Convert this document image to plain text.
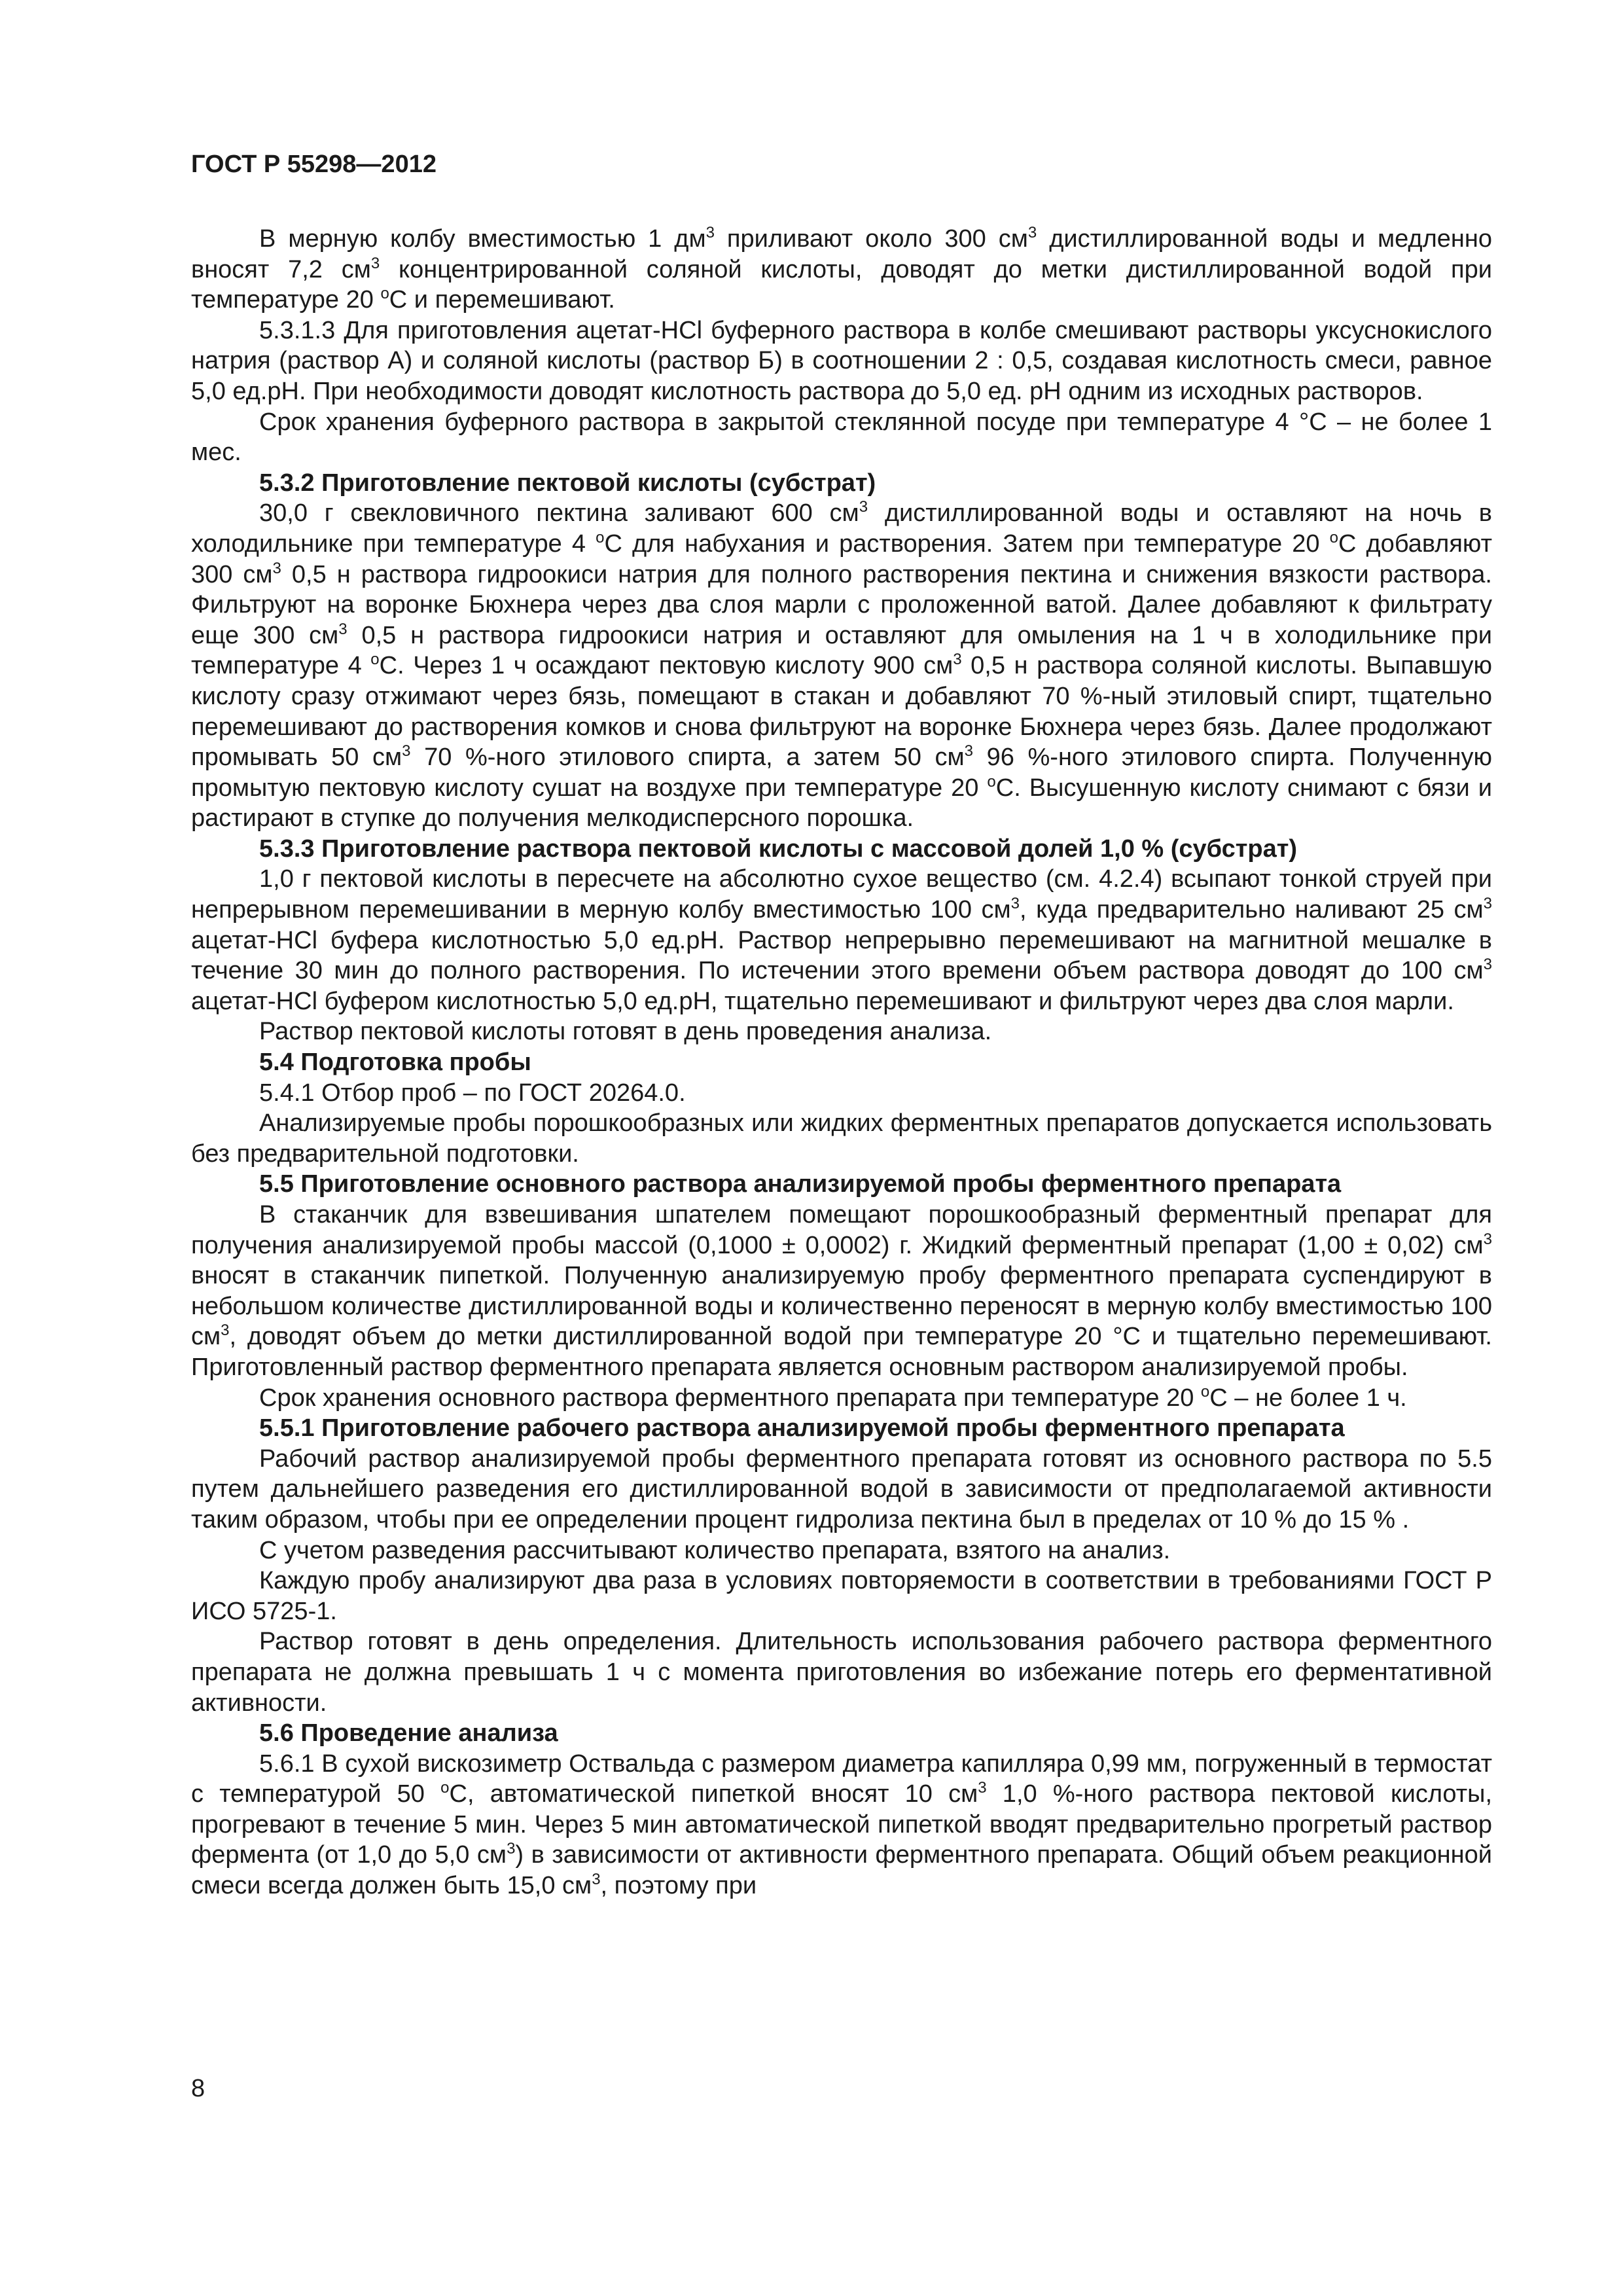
ГОСТ Р 55298—2012

В мерную колбу вместимостью 1 $дм^3$ приливают около 300 $см^3$ дистиллированной воды и медленно вносят 7,2 $см^3$ концентрированной соляной кислоты, доводят до метки дистиллированной водой при температуре 20 $^о$С и перемешивают.

5.3.1.3 Для приготовления ацетат-HCl буферного раствора в колбе смешивают растворы уксуснокислого натрия (раствор А) и соляной кислоты (раствор Б) в соотношении 2 : 0,5, создавая кислотность смеси, равное 5,0 ед.рН. При необходимости доводят кислотность раствора до 5,0 ед. рН одним из исходных растворов.

Срок хранения буферного раствора в закрытой стеклянной посуде при температуре 4 °С – не более 1 мес.

5.3.2 Приготовление пектовой кислоты (субстрат)

30,0 г свекловичного пектина заливают 600 $см^3$ дистиллированной воды и оставляют на ночь в холодильнике при температуре 4 $^о$С для набухания и растворения. Затем при температуре 20 $^о$С добавляют 300 $см^3$ 0,5 н раствора гидроокиси натрия для полного растворения пектина и снижения вязкости раствора. Фильтруют на воронке Бюхнера через два слоя марли с проложенной ватой. Далее добавляют к фильтрату еще 300 $см^3$ 0,5 н раствора гидроокиси натрия и оставляют для омыления на 1 ч в холодильнике при температуре 4 $^о$С. Через 1 ч осаждают пектовую кислоту 900 $см^3$ 0,5 н раствора соляной кислоты. Выпавшую кислоту сразу отжимают через бязь, помещают в стакан и добавляют 70 %-ный этиловый спирт, тщательно перемешивают до растворения комков и снова фильтруют на воронке Бюхнера через бязь. Далее продолжают промывать 50 $см^3$ 70 %-ного этилового спирта, а затем 50 $см^3$ 96 %-ного этилового спирта. Полученную промытую пектовую кислоту сушат на воздухе при температуре 20 $^о$С. Высушенную кислоту снимают с бязи и растирают в ступке до получения мелкодисперсного порошка.

5.3.3 Приготовление раствора пектовой кислоты с массовой долей 1,0 % (субстрат)

1,0 г пектовой кислоты в пересчете на абсолютно сухое вещество (см. 4.2.4) всыпают тонкой струей при непрерывном перемешивании в мерную колбу вместимостью 100 $см^3$, куда предварительно наливают 25 $см^3$ ацетат-HCl буфера кислотностью 5,0 ед.рН. Раствор непрерывно перемешивают на магнитной мешалке в течение 30 мин до полного растворения. По истечении этого времени объем раствора доводят до 100 $см^3$ ацетат-HCl буфером кислотностью 5,0 ед.рН, тщательно перемешивают и фильтруют через два слоя марли.

Раствор пектовой кислоты готовят в день проведения анализа.

5.4 Подготовка пробы

5.4.1 Отбор проб – по ГОСТ 20264.0.

Анализируемые пробы порошкообразных или жидких ферментных препаратов допускается использовать без предварительной подготовки.

5.5 Приготовление основного раствора анализируемой пробы ферментного препарата

В стаканчик для взвешивания шпателем помещают порошкообразный ферментный препарат для получения анализируемой пробы массой (0,1000 ± 0,0002) г. Жидкий ферментный препарат (1,00 ± 0,02) $см^3$ вносят в стаканчик пипеткой. Полученную анализируемую пробу ферментного препарата суспендируют в небольшом количестве дистиллированной воды и количественно переносят в мерную колбу вместимостью 100 $см^3$, доводят объем до метки дистиллированной водой при температуре 20 °С и тщательно перемешивают. Приготовленный раствор ферментного препарата является основным раствором анализируемой пробы.

Срок хранения основного раствора ферментного препарата при температуре 20 $^о$С – не более 1 ч.

5.5.1 Приготовление рабочего раствора анализируемой пробы ферментного препарата

Рабочий раствор анализируемой пробы ферментного препарата готовят из основного раствора по 5.5 путем дальнейшего разведения его дистиллированной водой в зависимости от предполагаемой активности таким образом, чтобы при ее определении процент гидролиза пектина был в пределах от 10 % до 15 % .

С учетом разведения рассчитывают количество препарата, взятого на анализ.

Каждую пробу анализируют два раза в условиях повторяемости в соответствии в требованиями ГОСТ Р ИСО 5725-1.

Раствор готовят в день определения. Длительность использования рабочего раствора ферментного препарата не должна превышать 1 ч с момента приготовления во избежание потерь его ферментативной активности.

5.6 Проведение анализа

5.6.1 В сухой вискозиметр Оствальда с размером диаметра капилляра 0,99 мм, погруженный в термостат с температурой 50 $^о$С, автоматической пипеткой вносят 10 $см^3$ 1,0 %-ного раствора пектовой кислоты, прогревают в течение 5 мин. Через 5 мин автоматической пипеткой вводят предварительно прогретый раствор фермента (от 1,0 до 5,0 $см^3$) в зависимости от активности ферментного препарата. Общий объем реакционной смеси всегда должен быть 15,0 $см^3$, поэтому при

8
